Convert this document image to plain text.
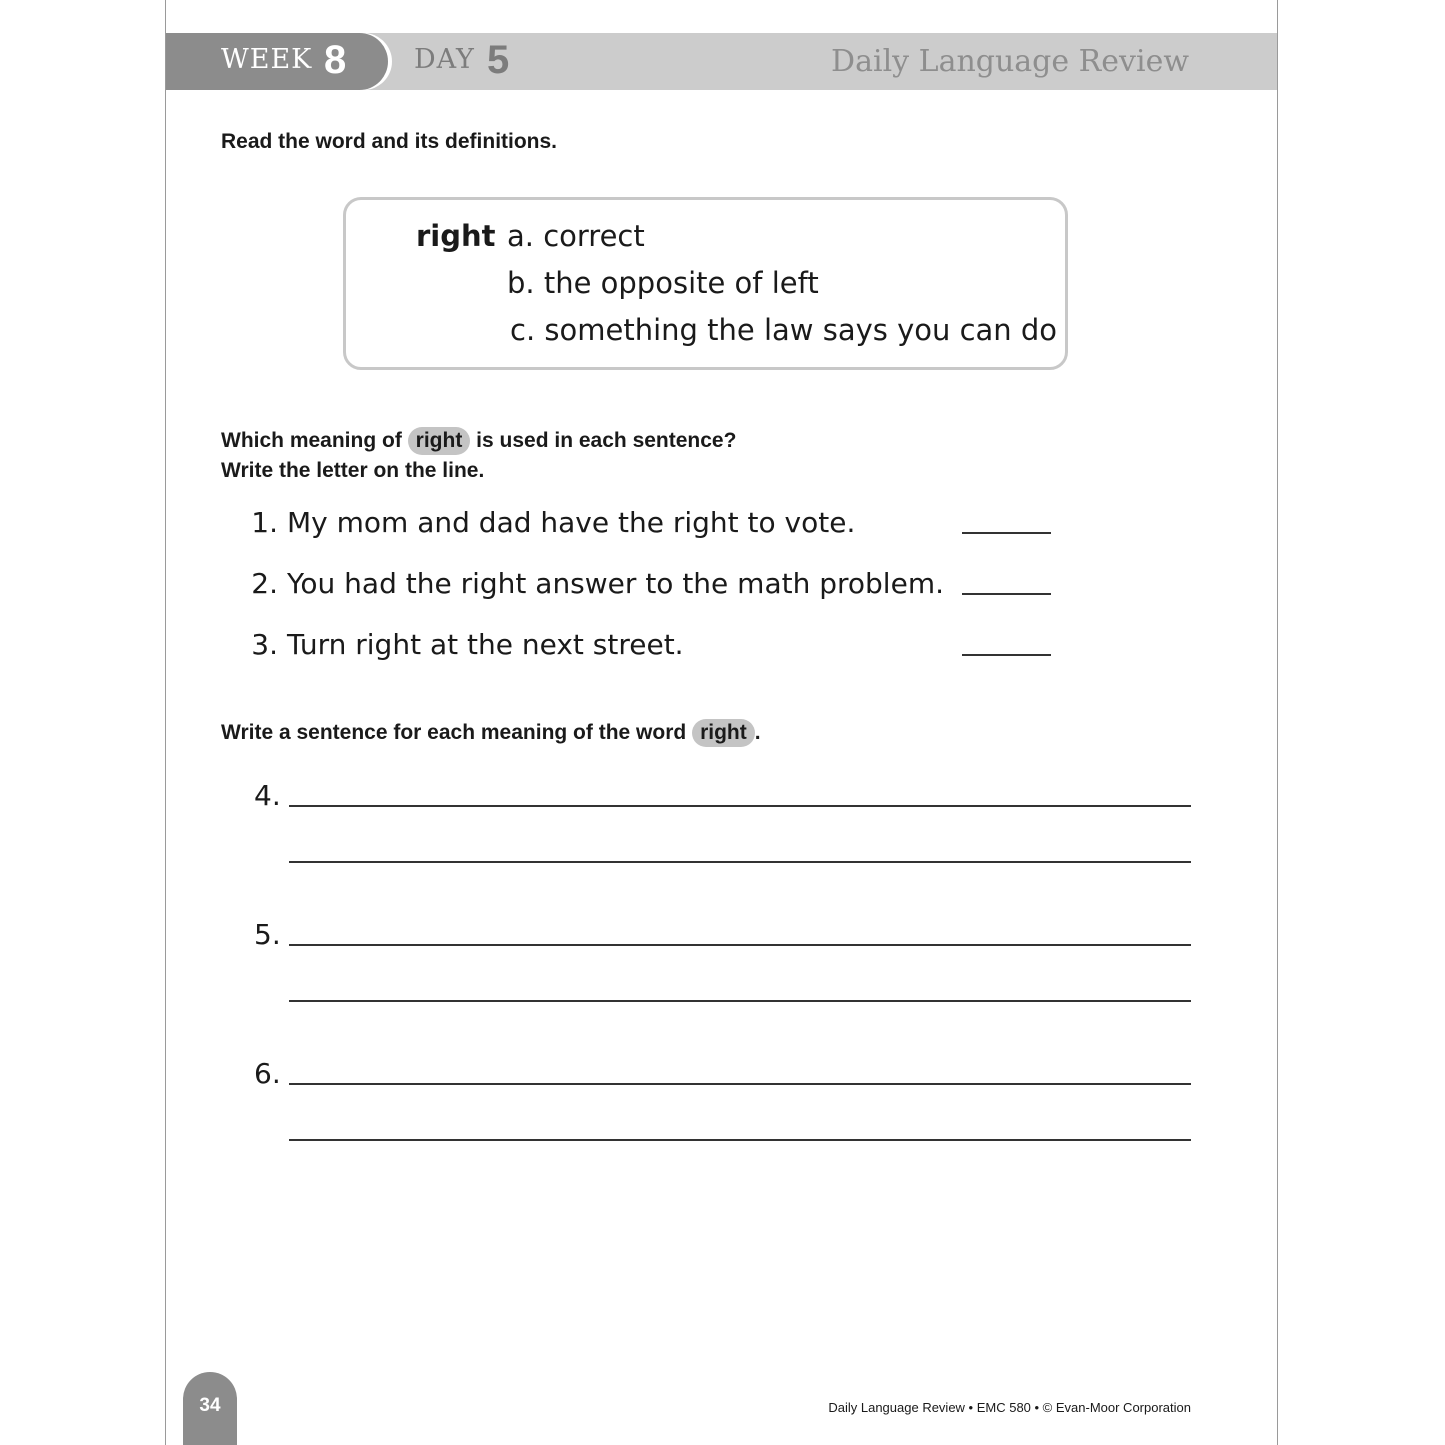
WEEK 8	DAY 5	Daily Language Review
Read the word and its definitions.
right a. correct
b. the opposite of left
c. something the law says you can do
Which meaning of right is used in each sentence?
Write the letter on the line.
1. My mom and dad have the right to vote.
2. You had the right answer to the math problem.
3. Turn right at the next street.
Write a sentence for each meaning of the word right .
4.
5.
6.
34	Daily Language Review • EMC 580 • © Evan-Moor Corporation
